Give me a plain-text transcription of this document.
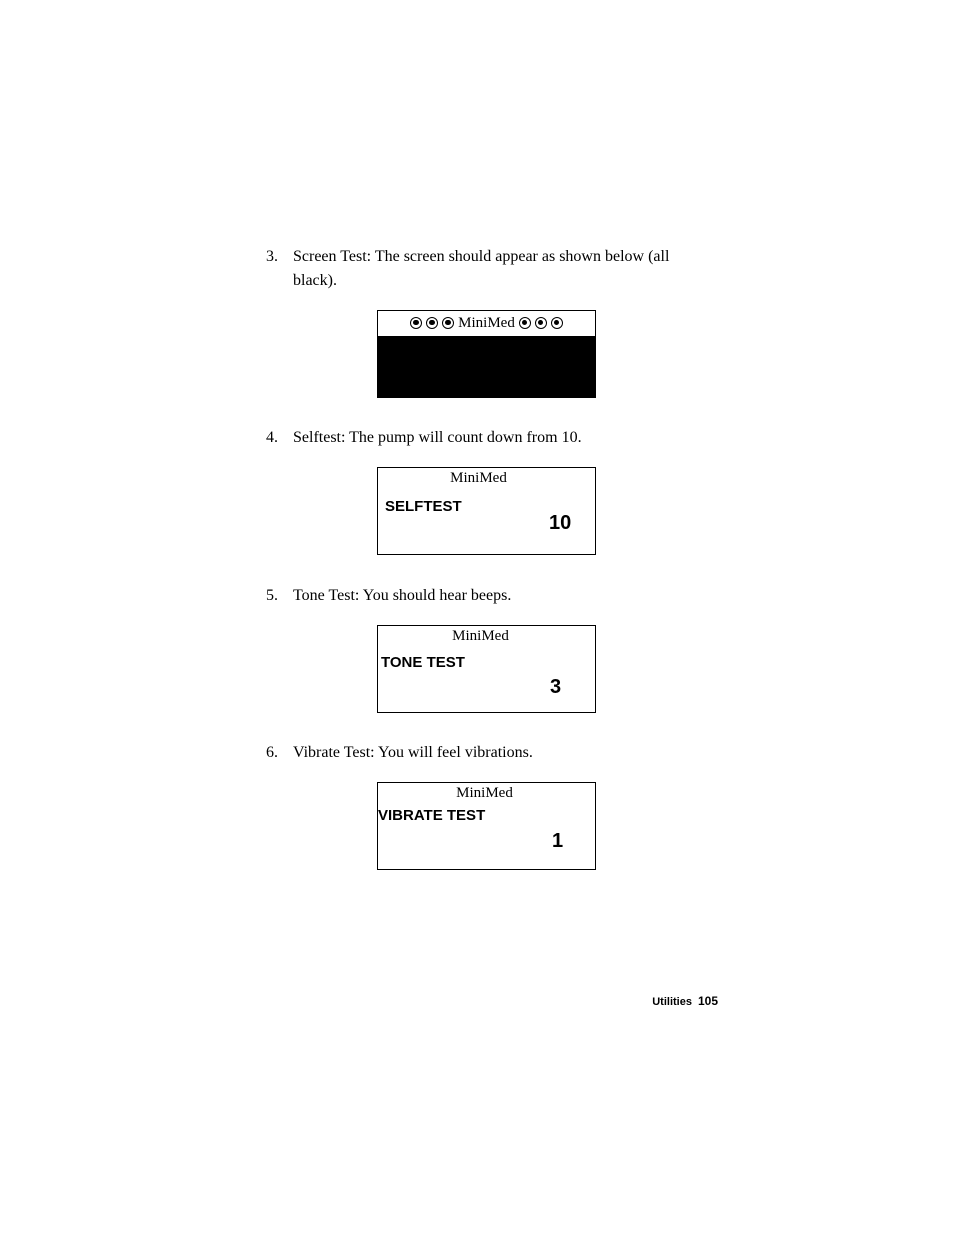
3. Screen Test: The screen should appear as shown below (all black).
MiniMed
4. Selftest: The pump will count down from 10.
MiniMed
SELFTEST
10
5. Tone Test: You should hear beeps.
MiniMed
TONE TEST
3
6. Vibrate Test: You will feel vibrations.
MiniMed
VIBRATE TEST
1
Utilities 105
